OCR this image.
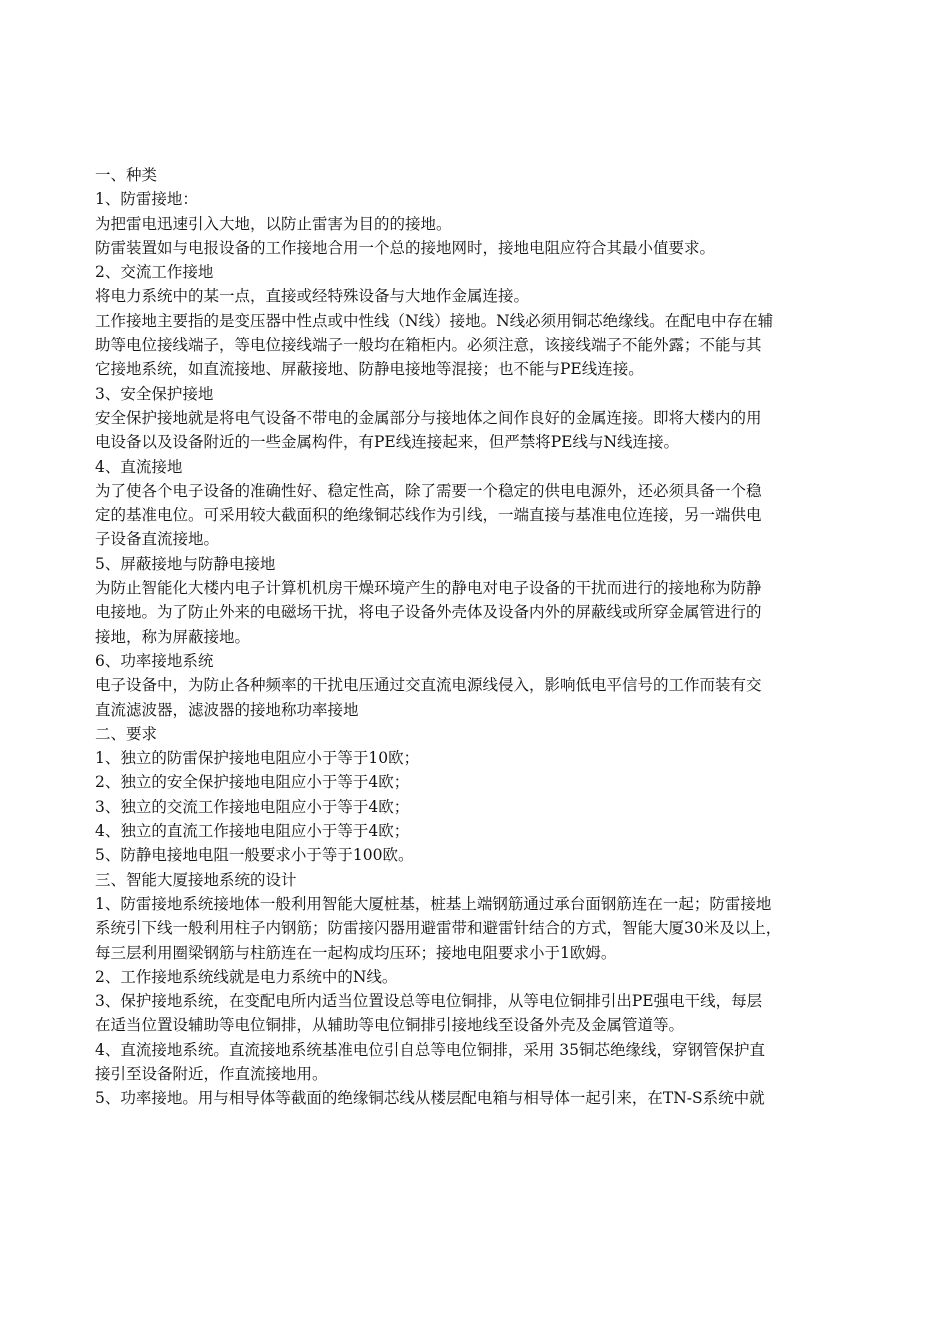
一、种类
1、防雷接地：
为把雷电迅速引入大地，以防止雷害为目的的接地。
防雷装置如与电报设备的工作接地合用一个总的接地网时，接地电阻应符合其最小值要求。
2、交流工作接地
将电力系统中的某一点，直接或经特殊设备与大地作金属连接。
工作接地主要指的是变压器中性点或中性线（N线）接地。N线必须用铜芯绝缘线。在配电中存在辅
助等电位接线端子，等电位接线端子一般均在箱柜内。必须注意，该接线端子不能外露；不能与其
它接地系统，如直流接地、屏蔽接地、防静电接地等混接；也不能与PE线连接。
3、安全保护接地
安全保护接地就是将电气设备不带电的金属部分与接地体之间作良好的金属连接。即将大楼内的用
电设备以及设备附近的一些金属构件，有PE线连接起来，但严禁将PE线与N线连接。
4、直流接地
为了使各个电子设备的准确性好、稳定性高，除了需要一个稳定的供电电源外，还必须具备一个稳
定的基准电位。可采用较大截面积的绝缘铜芯线作为引线，一端直接与基准电位连接，另一端供电
子设备直流接地。
5、屏蔽接地与防静电接地
为防止智能化大楼内电子计算机机房干燥环境产生的静电对电子设备的干扰而进行的接地称为防静
电接地。为了防止外来的电磁场干扰，将电子设备外壳体及设备内外的屏蔽线或所穿金属管进行的
接地，称为屏蔽接地。
6、功率接地系统
电子设备中，为防止各种频率的干扰电压通过交直流电源线侵入，影响低电平信号的工作而装有交
直流滤波器，滤波器的接地称功率接地
二、要求
1、独立的防雷保护接地电阻应小于等于10欧；
2、独立的安全保护接地电阻应小于等于4欧；
3、独立的交流工作接地电阻应小于等于4欧；
4、独立的直流工作接地电阻应小于等于4欧；
5、防静电接地电阻一般要求小于等于100欧。
三、智能大厦接地系统的设计
1、防雷接地系统接地体一般利用智能大厦桩基，桩基上端钢筋通过承台面钢筋连在一起；防雷接地
系统引下线一般利用柱子内钢筋；防雷接闪器用避雷带和避雷针结合的方式，智能大厦30米及以上，
每三层利用圈梁钢筋与柱筋连在一起构成均压环；接地电阻要求小于1欧姆。
2、工作接地系统线就是电力系统中的N线。
3、保护接地系统，在变配电所内适当位置设总等电位铜排，从等电位铜排引出PE强电干线，每层
在适当位置设辅助等电位铜排，从辅助等电位铜排引接地线至设备外壳及金属管道等。
4、直流接地系统。直流接地系统基准电位引自总等电位铜排，采用 35铜芯绝缘线，穿钢管保护直
接引至设备附近，作直流接地用。
5、功率接地。用与相导体等截面的绝缘铜芯线从楼层配电箱与相导体一起引来，在TN-S系统中就
